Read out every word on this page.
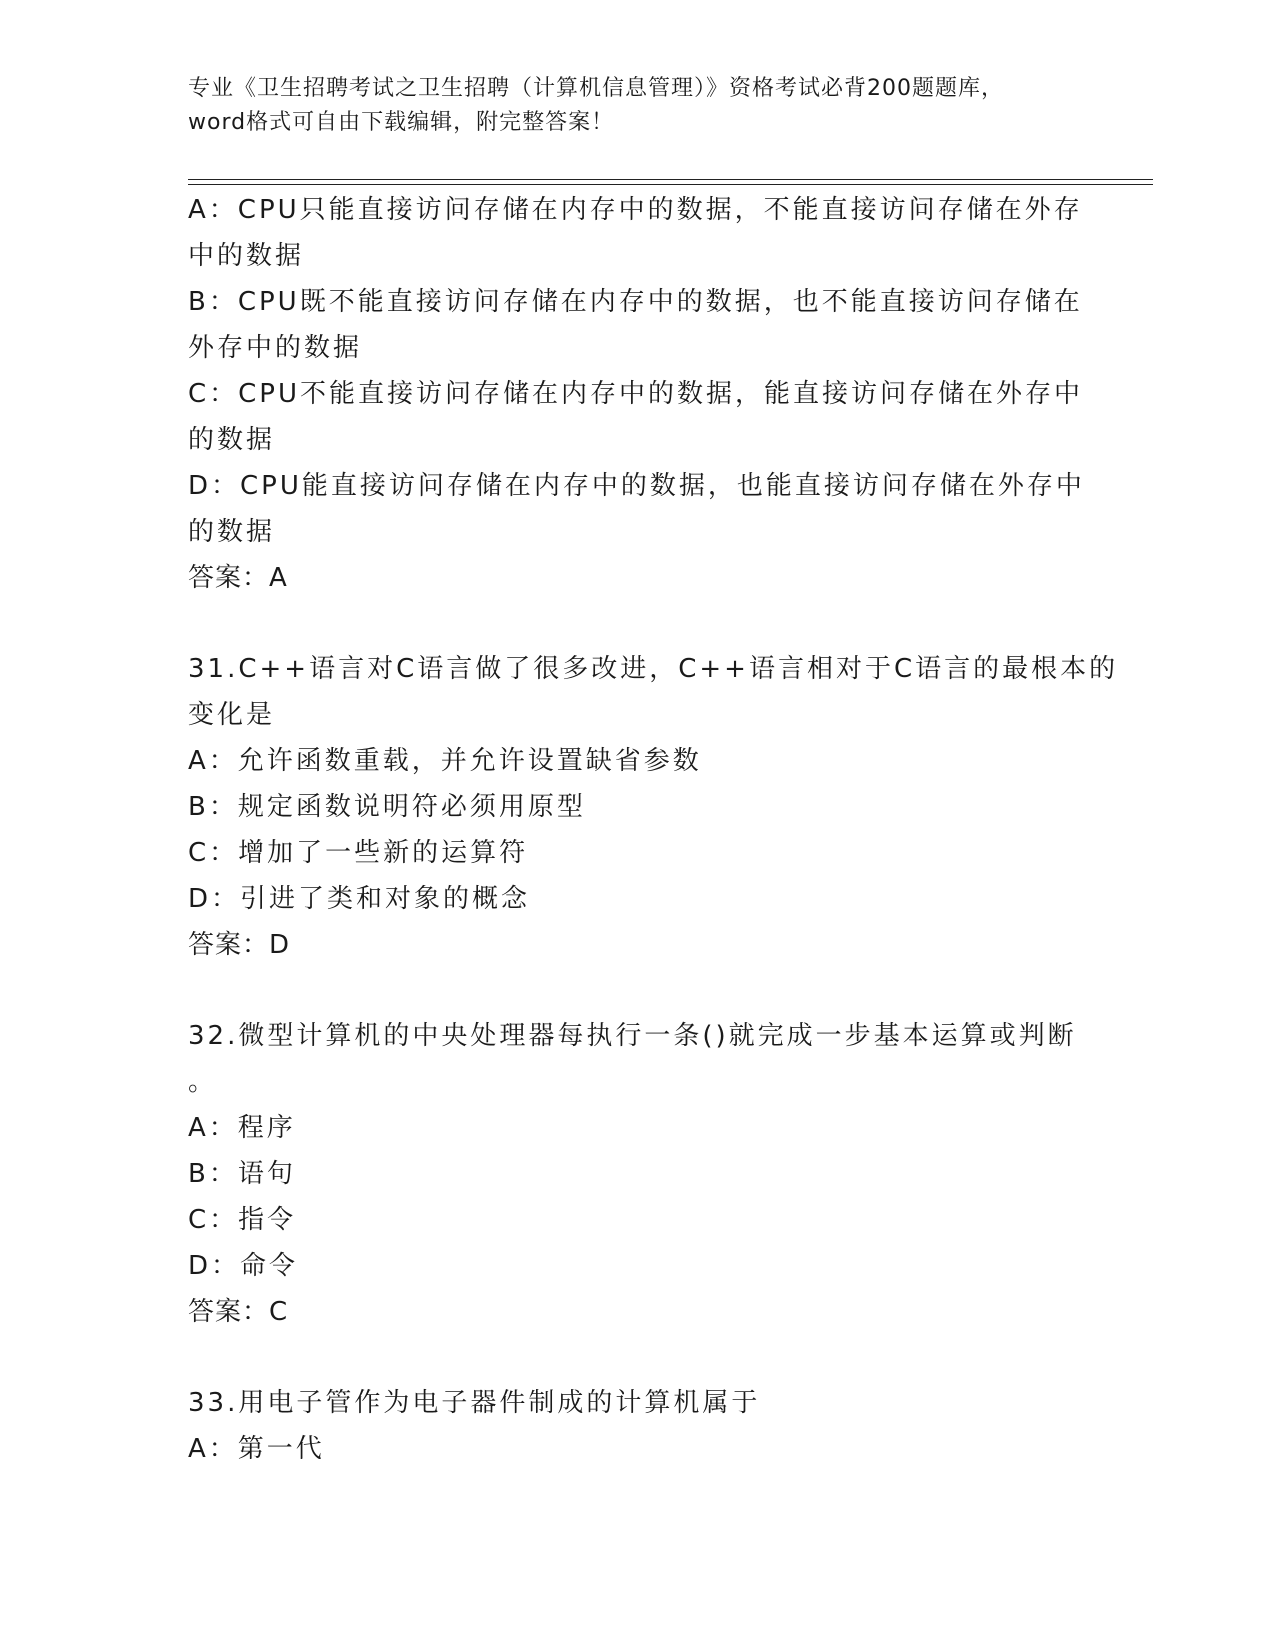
专业《卫生招聘考试之卫生招聘（计算机信息管理）》资格考试必背200题题库，
word格式可自由下载编辑，附完整答案！
A：CPU只能直接访问存储在内存中的数据，不能直接访问存储在外存
中的数据
B：CPU既不能直接访问存储在内存中的数据，也不能直接访问存储在
外存中的数据
C：CPU不能直接访问存储在内存中的数据，能直接访问存储在外存中
的数据
D：CPU能直接访问存储在内存中的数据，也能直接访问存储在外存中
的数据
答案：A
31.C++语言对C语言做了很多改进，C++语言相对于C语言的最根本的
变化是
A：允许函数重载，并允许设置缺省参数
B：规定函数说明符必须用原型
C：增加了一些新的运算符
D：引进了类和对象的概念
答案：D
32.微型计算机的中央处理器每执行一条()就完成一步基本运算或判断
。
A：程序
B：语句
C：指令
D：命令
答案：C
33.用电子管作为电子器件制成的计算机属于
A：第一代
